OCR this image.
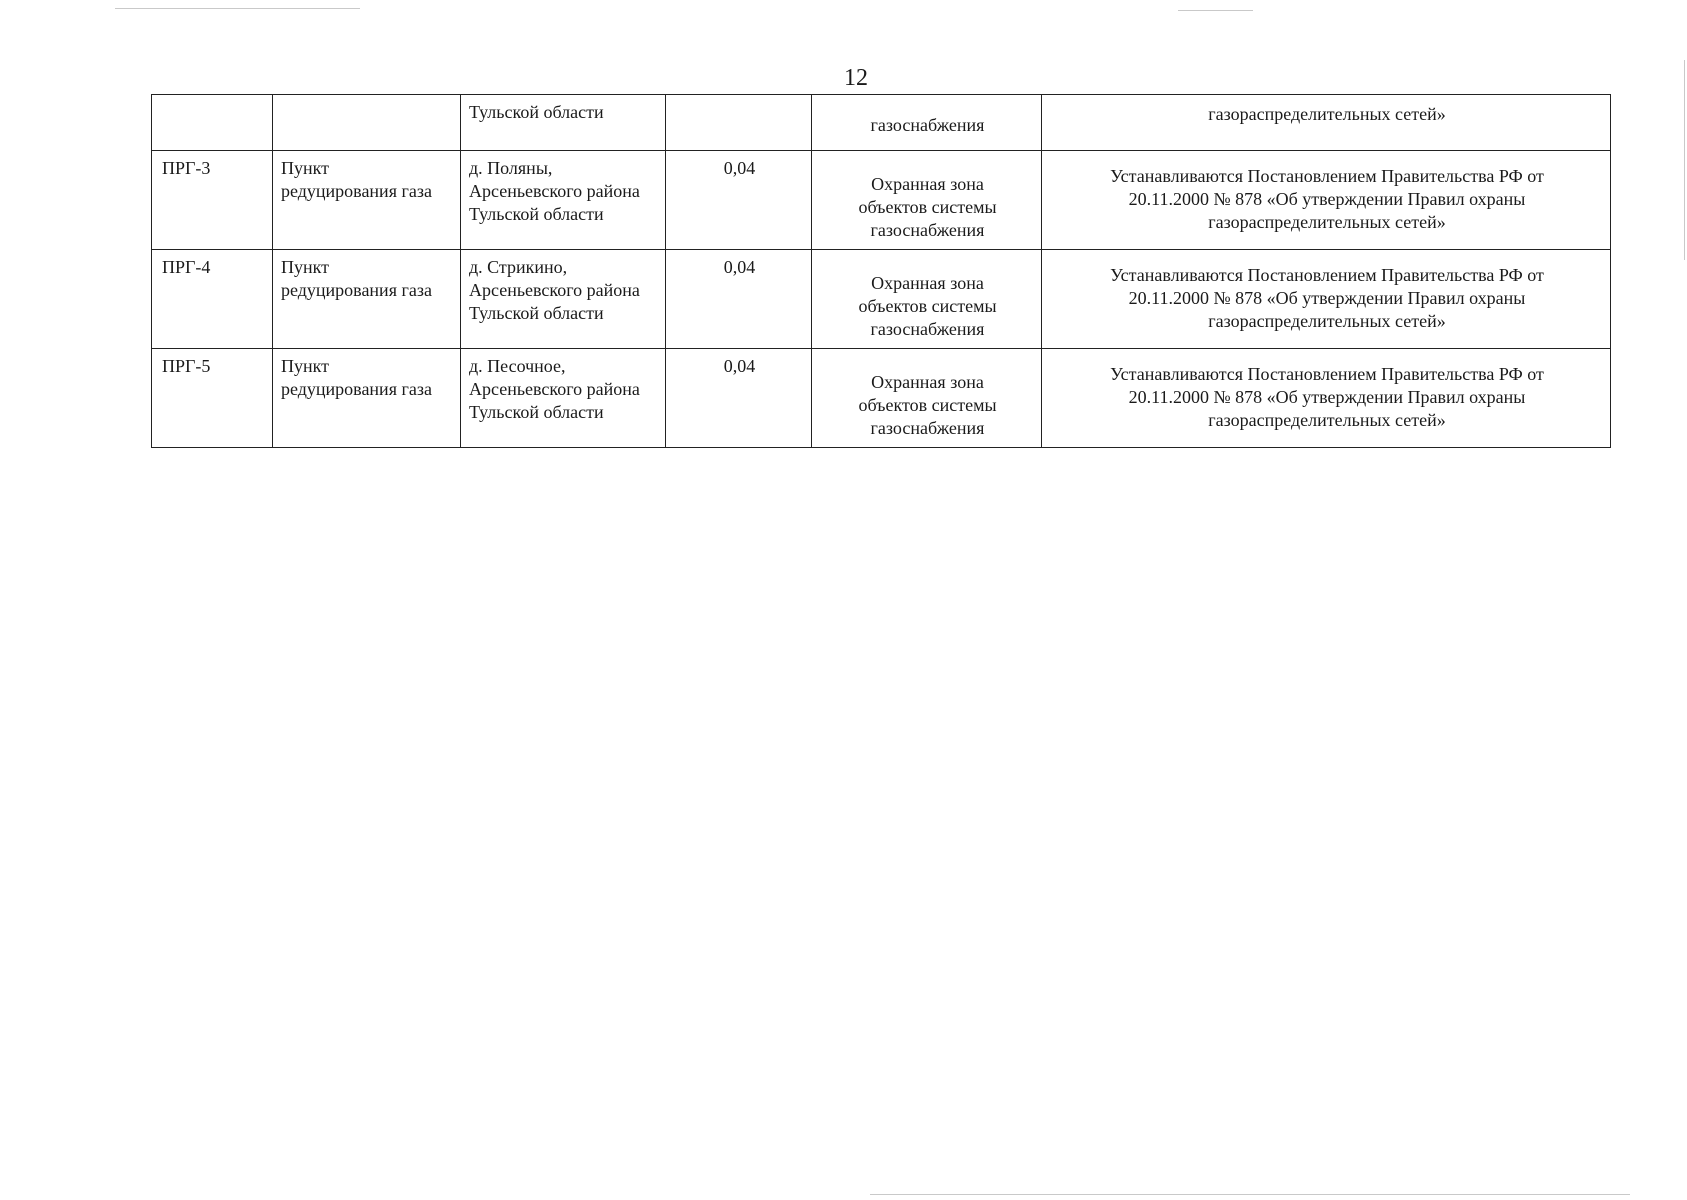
12
		Тульской области		газоснабжения	газораспределительных сетей»

ПРГ-3	Пункт
редуцирования газа	д. Поляны,
Арсеньевского района
Тульской области	0,04	Охранная зона
объектов системы
газоснабжения	Устанавливаются Постановлением Правительства РФ от
20.11.2000 № 878 «Об утверждении Правил охраны
газораспределительных сетей»

ПРГ-4	Пункт
редуцирования газа	д. Стрикино,
Арсеньевского района
Тульской области	0,04	Охранная зона
объектов системы
газоснабжения	Устанавливаются Постановлением Правительства РФ от
20.11.2000 № 878 «Об утверждении Правил охраны
газораспределительных сетей»

ПРГ-5	Пункт
редуцирования газа	д. Песочное,
Арсеньевского района
Тульской области	0,04	Охранная зона
объектов системы
газоснабжения	Устанавливаются Постановлением Правительства РФ от
20.11.2000 № 878 «Об утверждении Правил охраны
газораспределительных сетей»
